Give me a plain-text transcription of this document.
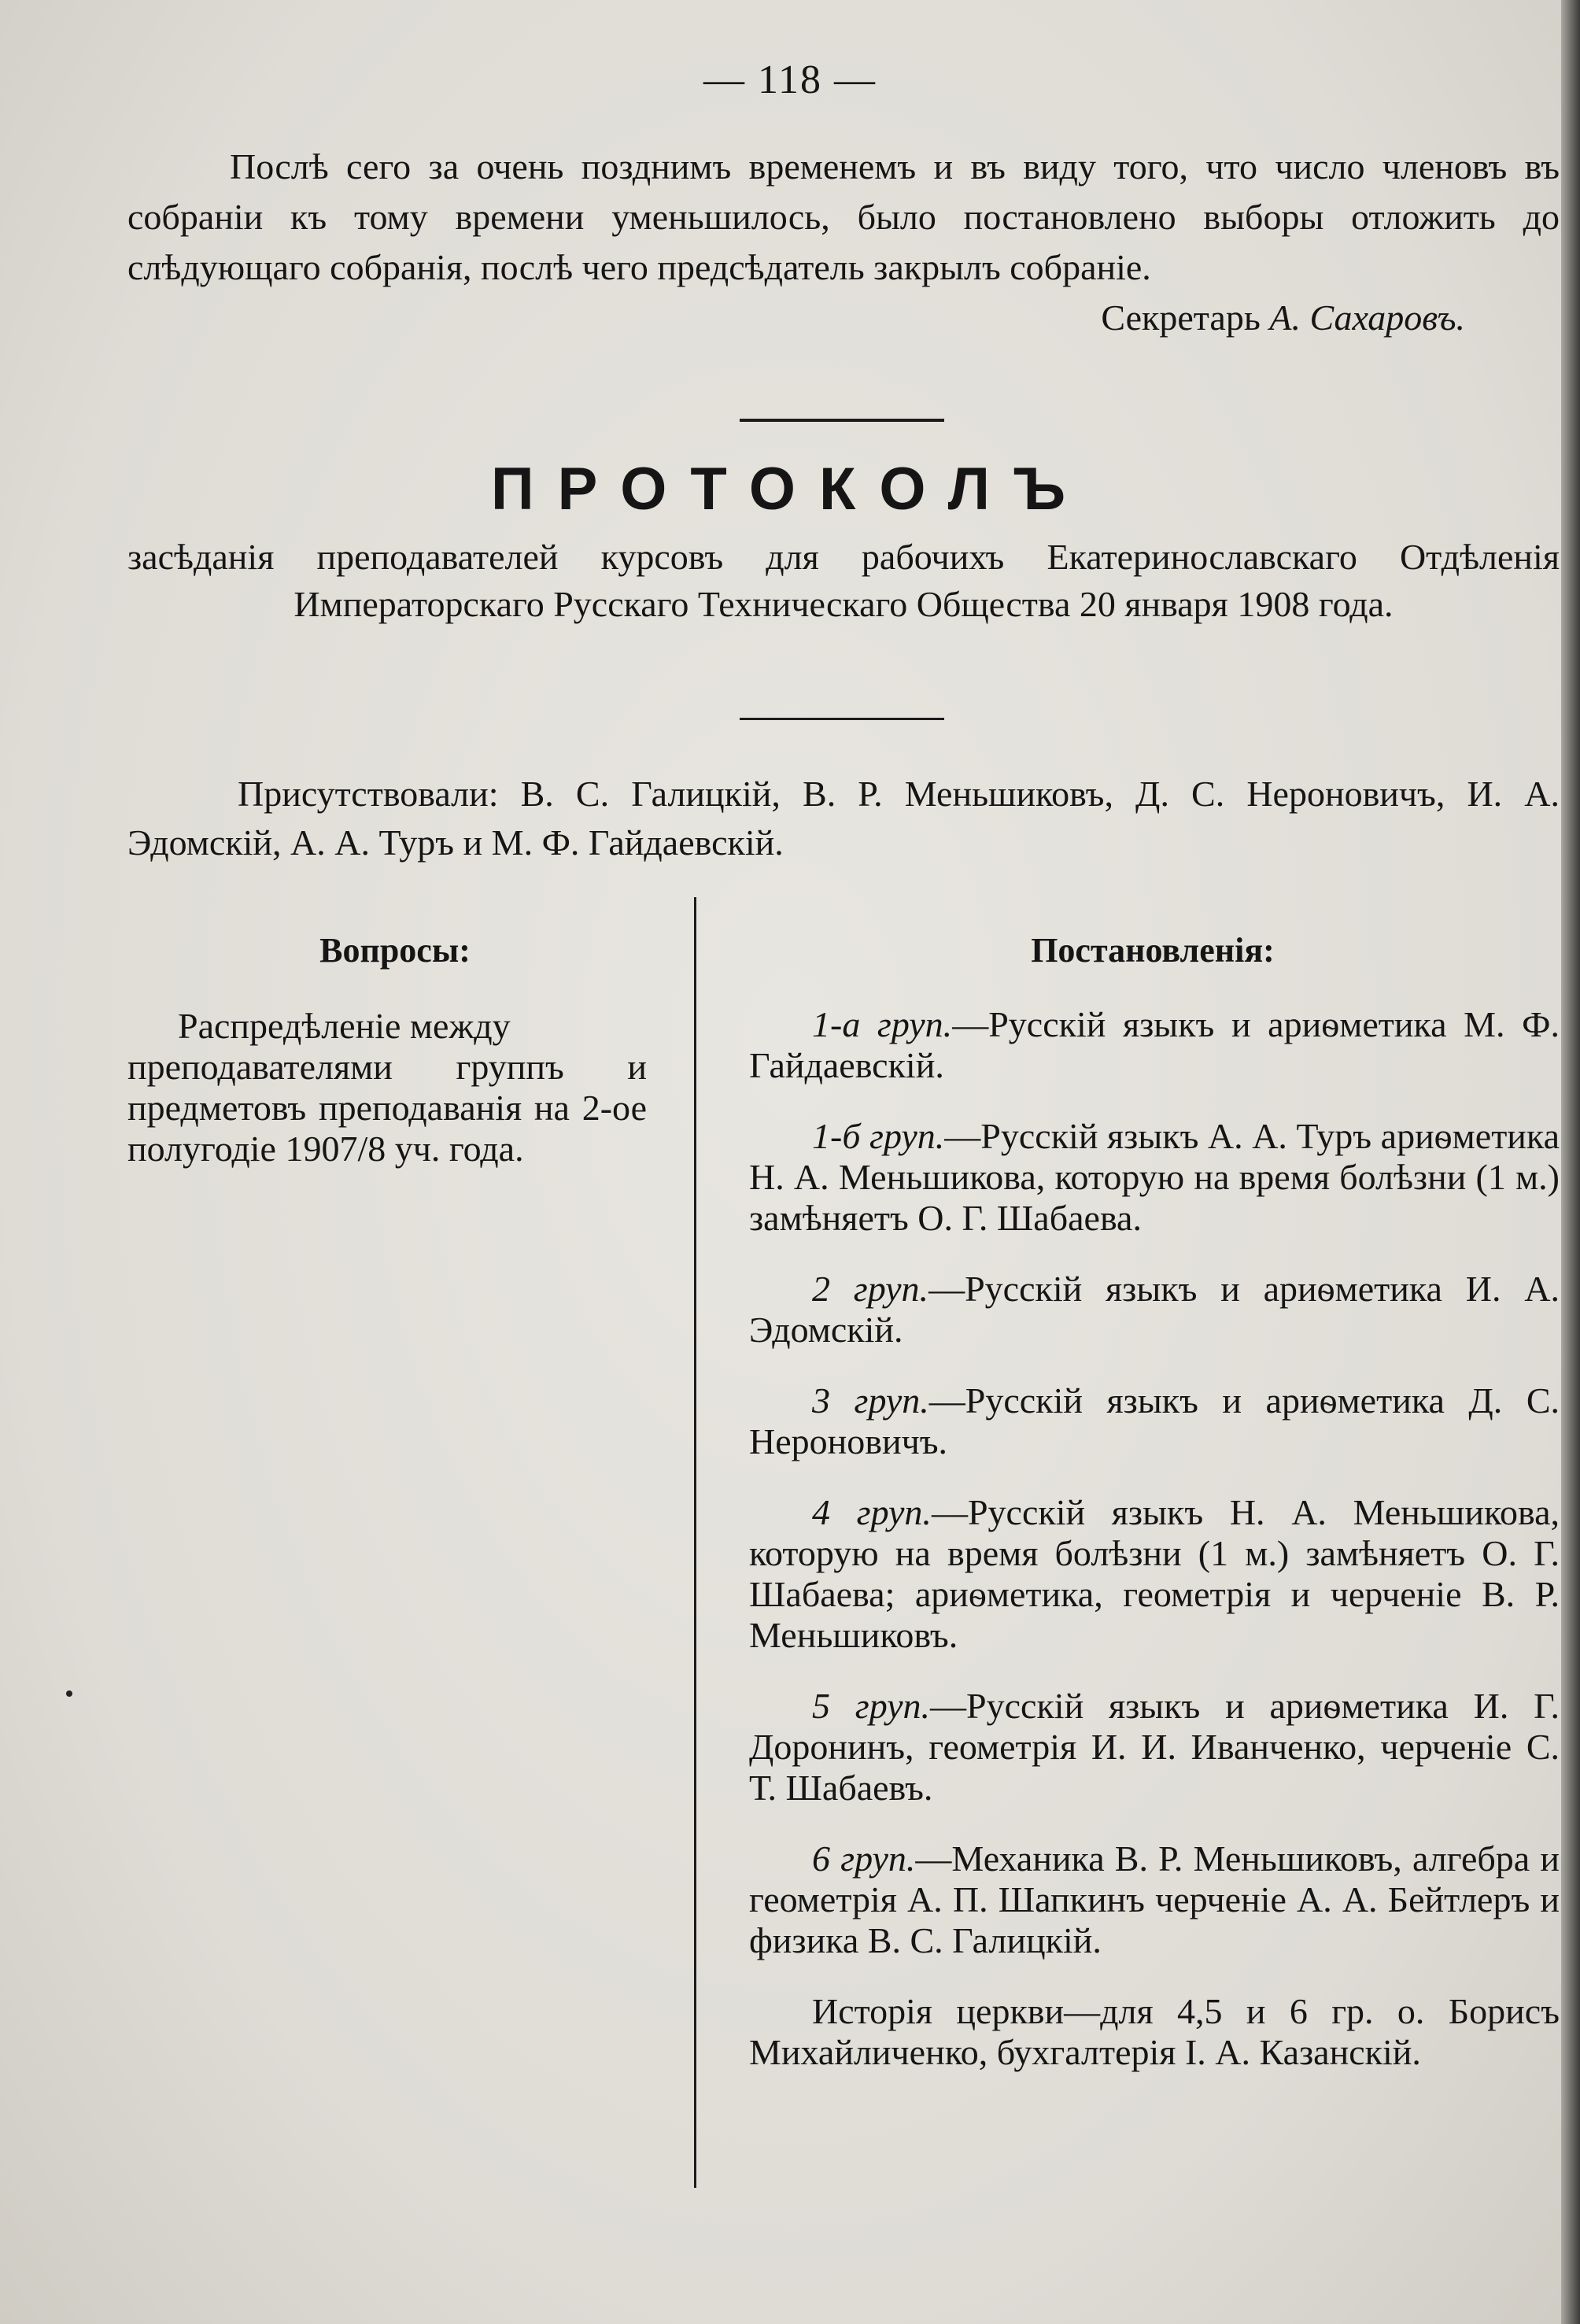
— 118 —

Послѣ сего за очень позднимъ временемъ и въ виду того, что число членовъ въ собраніи къ тому времени уменьшилось, было постановлено выборы отложить до слѣдующаго собранія, послѣ чего предсѣдатель закрылъ собраніе.

Секретарь А. Сахаровъ.

ПРОТОКОЛЪ

засѣданія преподавателей курсовъ для рабочихъ Екатеринославскаго Отдѣленія Императорскаго Русскаго Техническаго Общества 20 января 1908 года.

Присутствовали: В. С. Галицкій, В. Р. Меньшиковъ, Д. С. Нероновичъ, И. А. Эдомскій, А. А. Туръ и М. Ф. Гайдаевскій.

Вопросы:	Постановленія:

Распредѣленіе между
преподавателями группъ и предметовъ преподаванія на 2-ое полугодіе 1907/8 уч. года.

1-а груп.—Русскій языкъ и ариѳметика М. Ф. Гайдаевскій.

1-б груп.—Русскій языкъ А. А. Туръ ариѳметика Н. А. Меньшикова, которую на время болѣзни (1 м.) замѣняетъ О. Г. Шабаева.

2 груп.—Русскій языкъ и ариѳметика И. А. Эдомскій.

3 груп.—Русскій языкъ и ариѳметика Д. С. Нероновичъ.

4 груп.—Русскій языкъ Н. А. Меньшикова, которую на время болѣзни (1 м.) замѣняетъ О. Г. Шабаева; ариѳметика, геометрія и черченіе В. Р. Меньшиковъ.

5 груп.—Русскій языкъ и ариѳметика И. Г. Доронинъ, геометрія И. И. Иванченко, черченіе С. Т. Шабаевъ.

6 груп.—Механика В. Р. Меньшиковъ, алгебра и геометрія А. П. Шапкинъ черченіе А. А. Бейтлеръ и физика В. С. Галицкій.

Исторія церкви—для 4,5 и 6 гр. о. Борисъ Михайличенко, бухгалтерія І. А. Казанскій.
